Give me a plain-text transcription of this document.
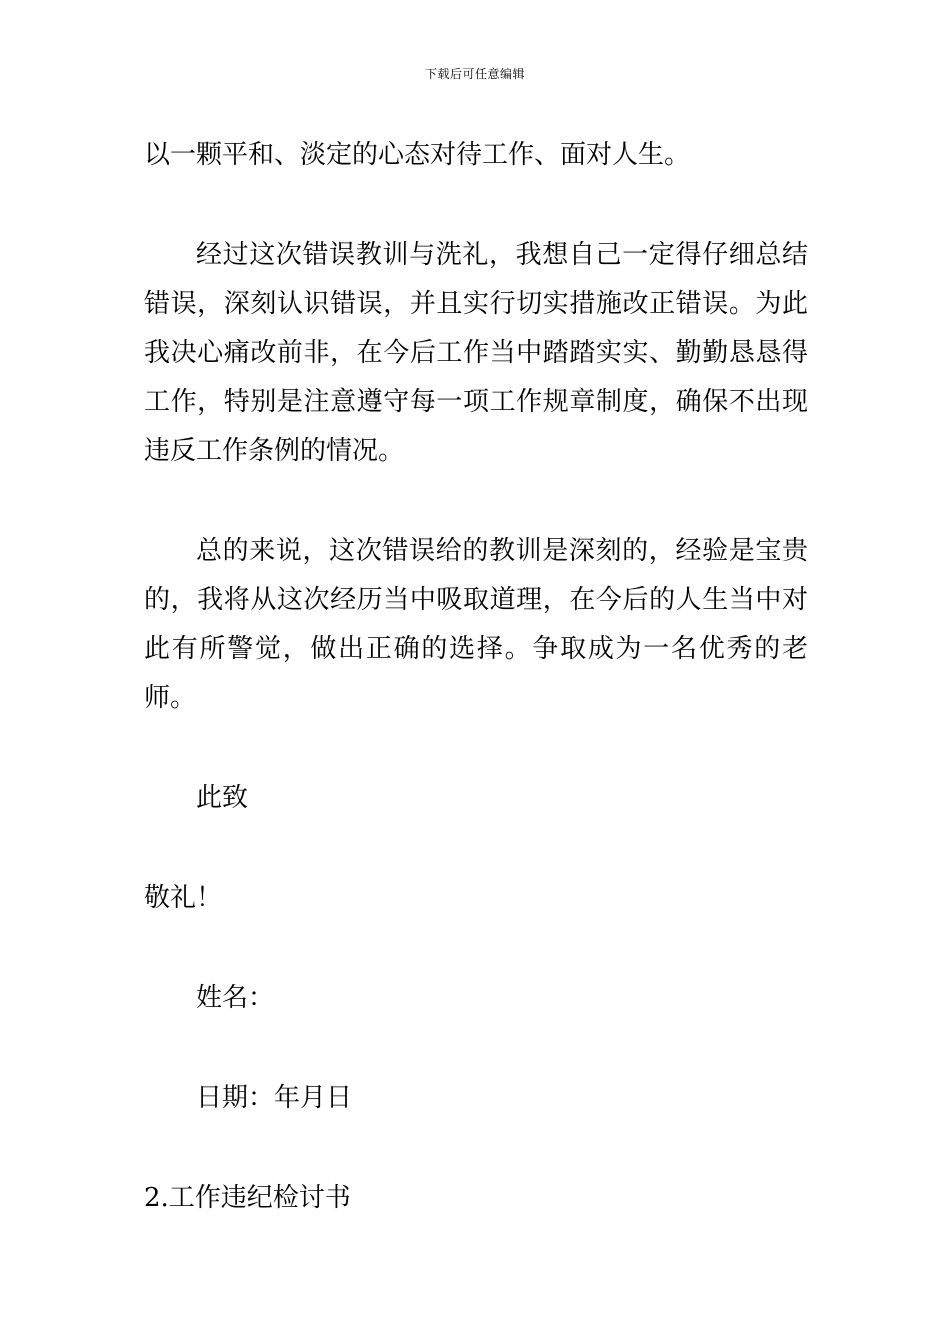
下载后可任意编辑

以一颗平和、淡定的心态对待工作、面对人生。

经过这次错误教训与洗礼，我想自己一定得仔细总结错误，深刻认识错误，并且实行切实措施改正错误。为此我决心痛改前非，在今后工作当中踏踏实实、勤勤恳恳得工作，特别是注意遵守每一项工作规章制度，确保不出现违反工作条例的情况。

总的来说，这次错误给的教训是深刻的，经验是宝贵的，我将从这次经历当中吸取道理，在今后的人生当中对此有所警觉，做出正确的选择。争取成为一名优秀的老师。

此致

敬礼！

姓名：

日期：年月日

2.工作违纪检讨书
